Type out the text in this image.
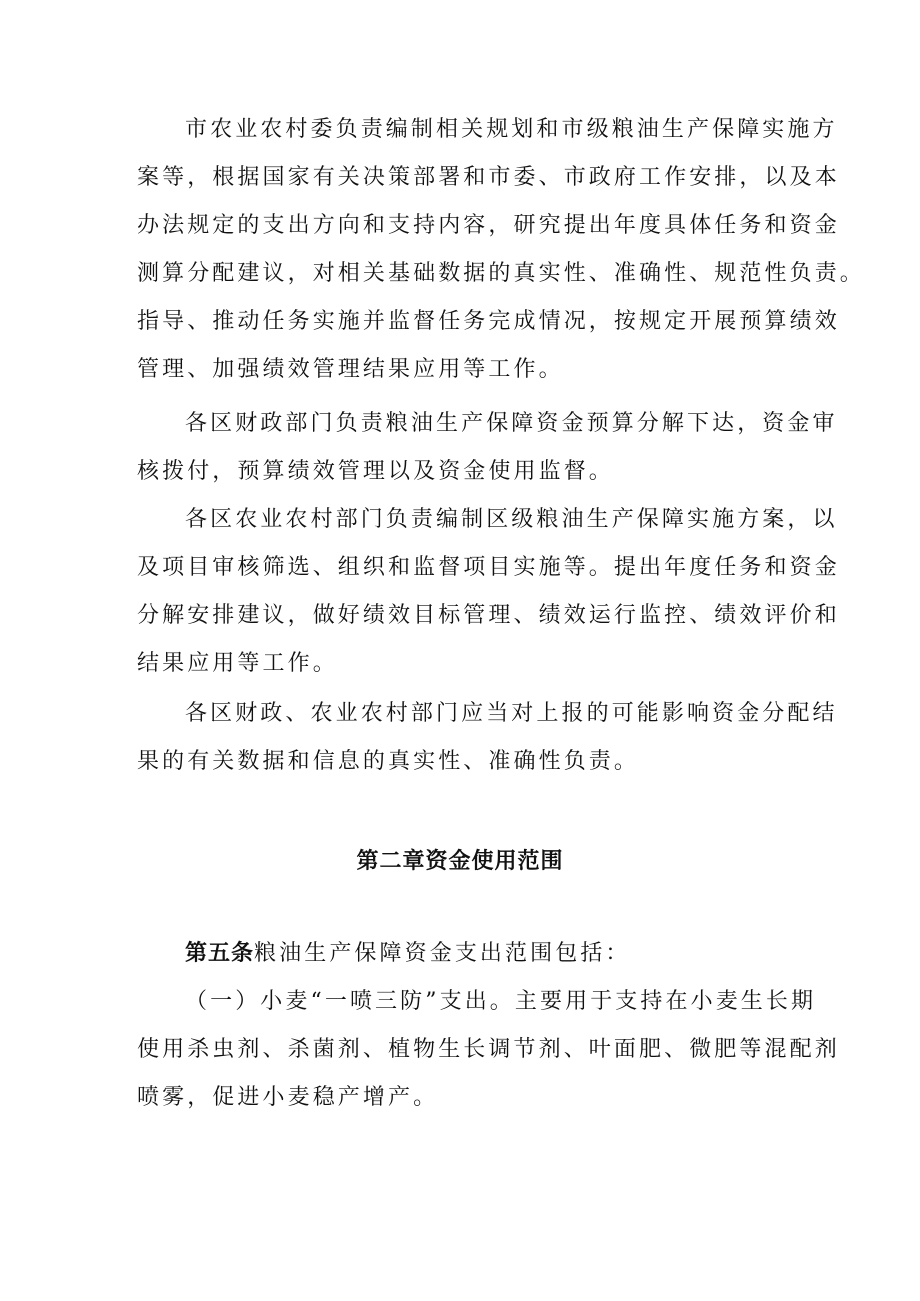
市农业农村委负责编制相关规划和市级粮油生产保障实施方
案等，根据国家有关决策部署和市委、市政府工作安排，以及本
办法规定的支出方向和支持内容，研究提出年度具体任务和资金
测算分配建议，对相关基础数据的真实性、准确性、规范性负责。
指导、推动任务实施并监督任务完成情况，按规定开展预算绩效
管理、加强绩效管理结果应用等工作。
各区财政部门负责粮油生产保障资金预算分解下达，资金审
核拨付，预算绩效管理以及资金使用监督。
各区农业农村部门负责编制区级粮油生产保障实施方案，以
及项目审核筛选、组织和监督项目实施等。提出年度任务和资金
分解安排建议，做好绩效目标管理、绩效运行监控、绩效评价和
结果应用等工作。
各区财政、农业农村部门应当对上报的可能影响资金分配结
果的有关数据和信息的真实性、准确性负责。
第二章资金使用范围
第五条粮油生产保障资金支出范围包括：
（一）小麦“一喷三防”支出。主要用于支持在小麦生长期
使用杀虫剂、杀菌剂、植物生长调节剂、叶面肥、微肥等混配剂
喷雾，促进小麦稳产增产。
